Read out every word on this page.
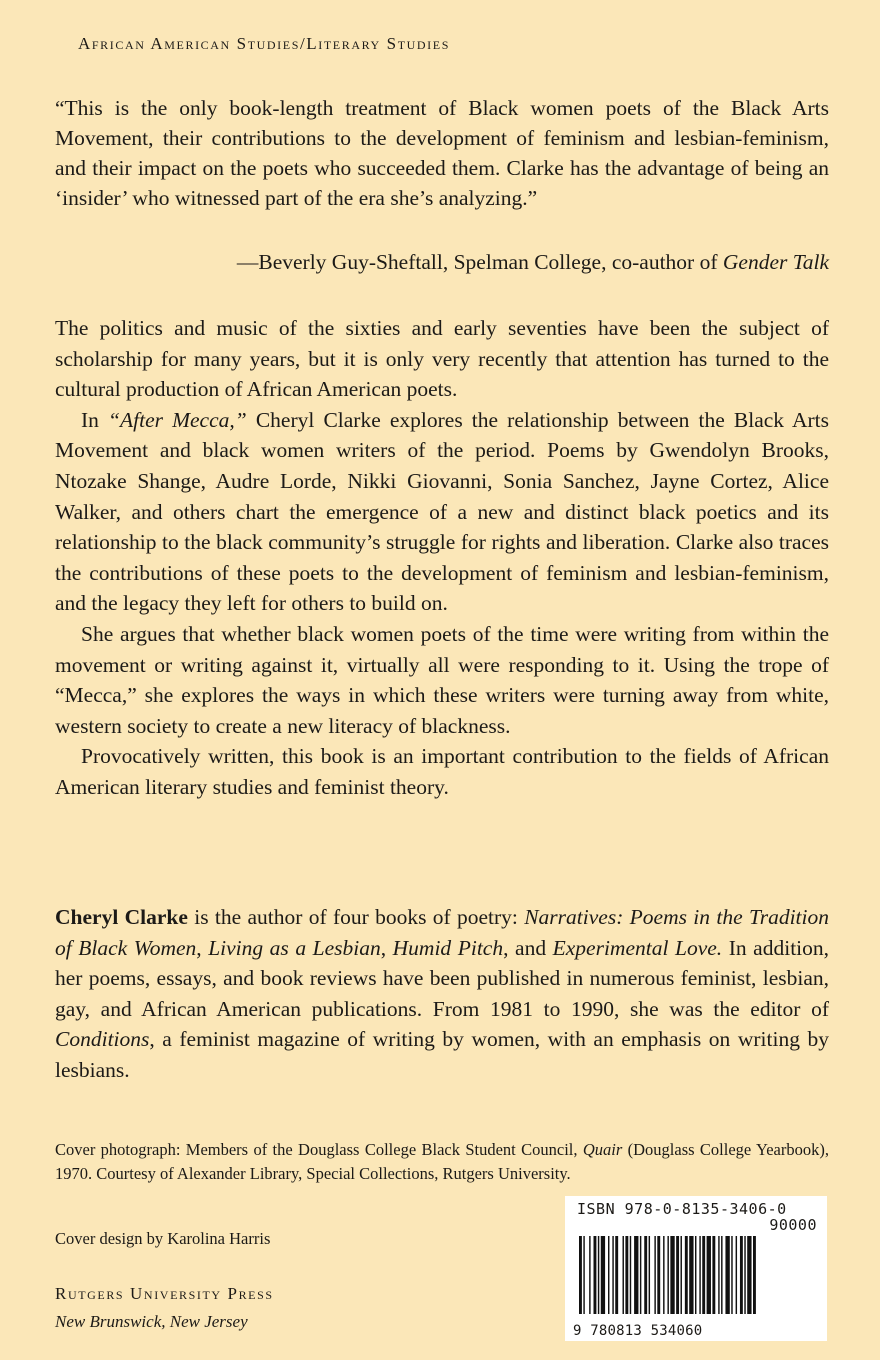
African American Studies/Literary Studies

“This is the only book-length treatment of Black women poets of the Black Arts Movement, their contributions to the development of feminism and lesbian-feminism, and their impact on the poets who succeeded them. Clarke has the advantage of being an ‘insider’ who witnessed part of the era she’s analyzing.”

—Beverly Guy-Sheftall, Spelman College, co-author of Gender Talk

The politics and music of the sixties and early seventies have been the subject of scholarship for many years, but it is only very recently that attention has turned to the cultural production of African American poets.

In “After Mecca,” Cheryl Clarke explores the relationship between the Black Arts Movement and black women writers of the period. Poems by Gwendolyn Brooks, Ntozake Shange, Audre Lorde, Nikki Giovanni, Sonia Sanchez, Jayne Cortez, Alice Walker, and others chart the emergence of a new and distinct black poetics and its relationship to the black community’s struggle for rights and liberation. Clarke also traces the contributions of these poets to the development of feminism and lesbian-feminism, and the legacy they left for others to build on.

She argues that whether black women poets of the time were writing from within the movement or writing against it, virtually all were responding to it. Using the trope of “Mecca,” she explores the ways in which these writers were turning away from white, western society to create a new literacy of blackness.

Provocatively written, this book is an important contribution to the fields of African American literary studies and feminist theory.

Cheryl Clarke is the author of four books of poetry: Narratives: Poems in the Tradition of Black Women, Living as a Lesbian, Humid Pitch, and Experimental Love. In addition, her poems, essays, and book reviews have been published in numerous feminist, lesbian, gay, and African American publications. From 1981 to 1990, she was the editor of Conditions, a feminist magazine of writing by women, with an emphasis on writing by lesbians.

Cover photograph: Members of the Douglass College Black Student Council, Quair (Douglass College Yearbook), 1970. Courtesy of Alexander Library, Special Collections, Rutgers University.

Cover design by Karolina Harris

Rutgers University Press

New Brunswick, New Jersey

ISBN 978-0-8135-3406-0
90000
9 780813 534060
